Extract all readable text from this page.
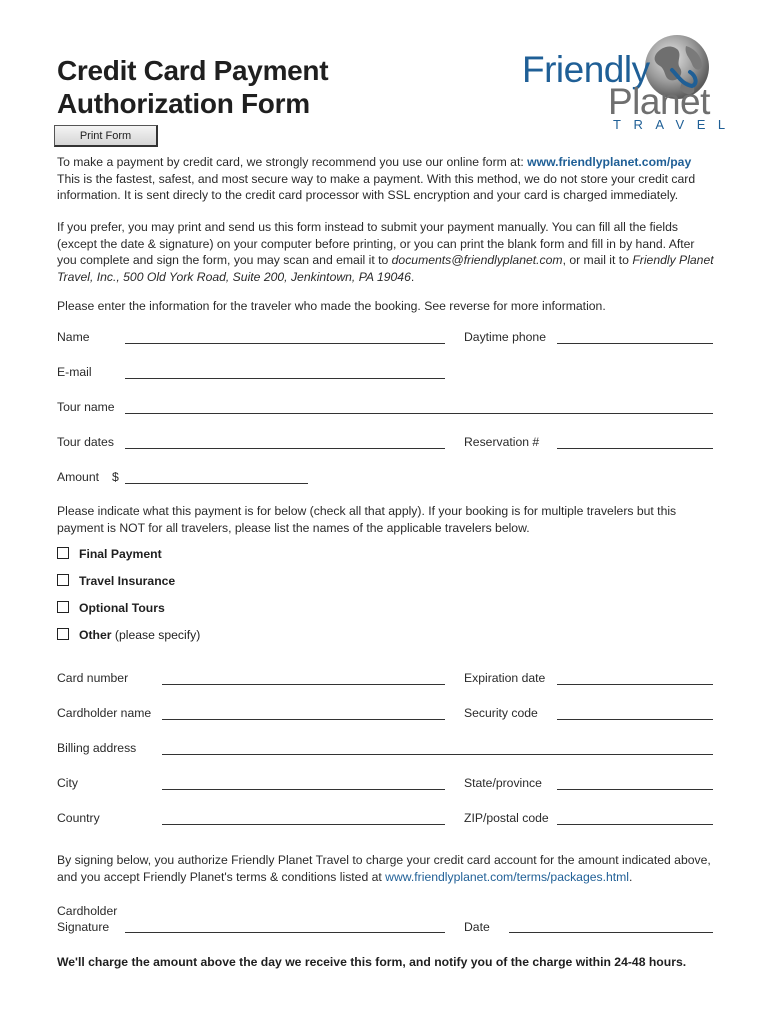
Credit Card Payment
Authorization Form
Print Form
Friendly
Planet
TRAVEL

To make a payment by credit card, we strongly recommend you use our online form at: www.friendlyplanet.com/pay This is the fastest, safest, and most secure way to make a payment. With this method, we do not store your credit card information. It is sent direcly to the credit card processor with SSL encryption and your card is charged immediately.

If you prefer, you may print and send us this form instead to submit your payment manually. You can fill all the fields (except the date & signature) on your computer before printing, or you can print the blank form and fill in by hand. After you complete and sign the form, you may scan and email it to documents@friendlyplanet.com, or mail it to Friendly Planet Travel, Inc., 500 Old York Road, Suite 200, Jenkintown, PA 19046.

Please enter the information for the traveler who made the booking. See reverse for more information.

Name	Daytime phone
E-mail
Tour name
Tour dates	Reservation #
Amount $

Please indicate what this payment is for below (check all that apply). If your booking is for multiple travelers but this payment is NOT for all travelers, please list the names of the applicable travelers below.

Final Payment
Travel Insurance
Optional Tours
Other (please specify)
Card number	Expiration date
Cardholder name	Security code
Billing address
City	State/province
Country	ZIP/postal code

By signing below, you authorize Friendly Planet Travel to charge your credit card account for the amount indicated above, and you accept Friendly Planet's terms & conditions listed at www.friendlyplanet.com/terms/packages.html.

Cardholder
Signature	Date
We'll charge the amount above the day we receive this form, and notify you of the charge within 24-48 hours.
